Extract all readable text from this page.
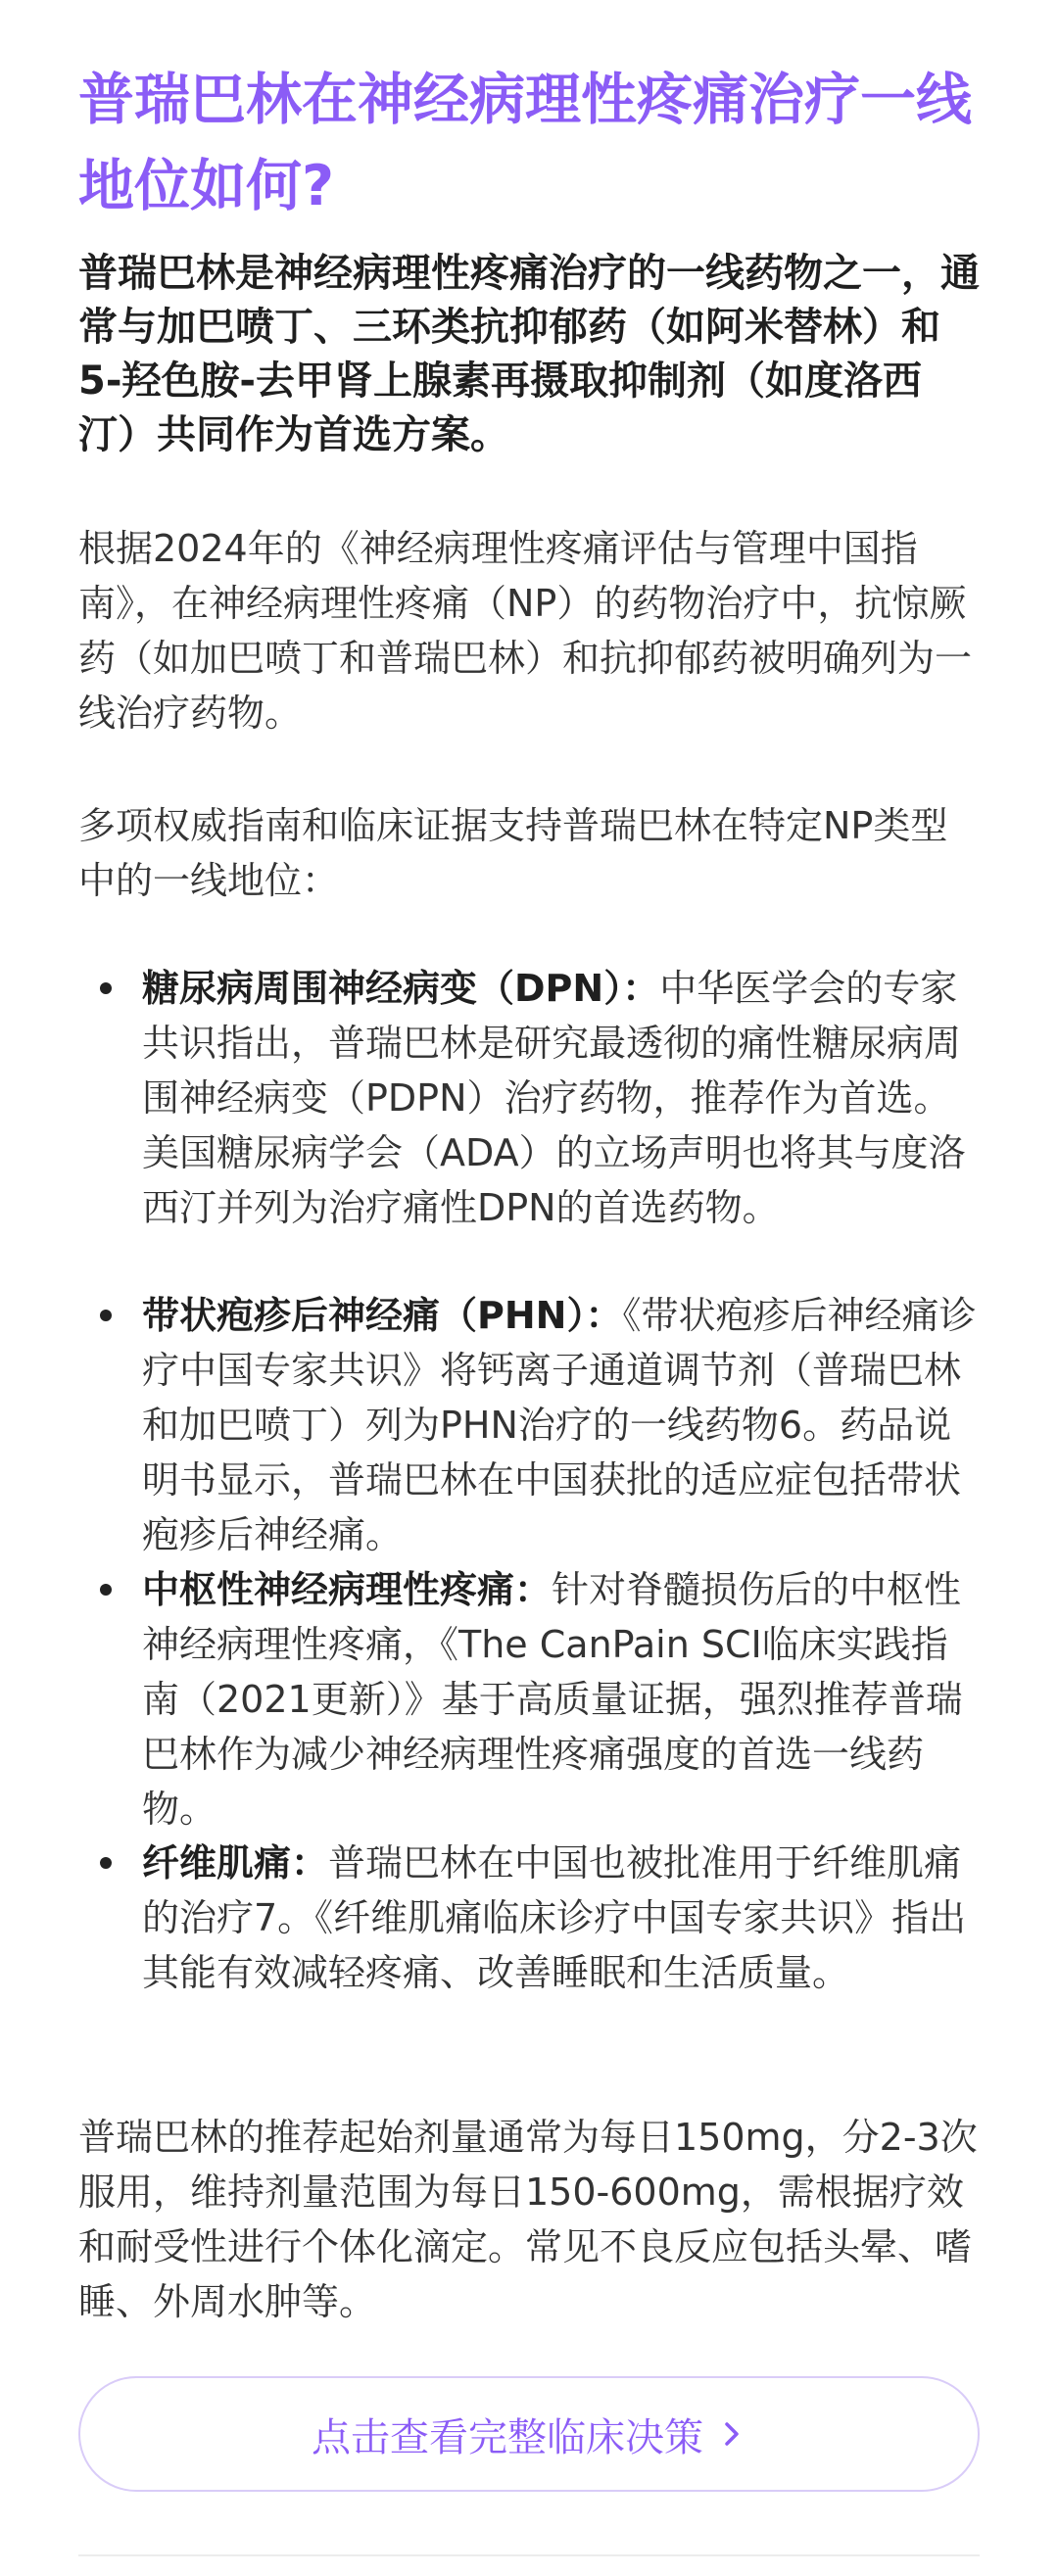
普瑞巴林在神经病理性疼痛治疗一线地位如何?

普瑞巴林是神经病理性疼痛治疗的一线药物之一，通常与加巴喷丁、三环类抗抑郁药（如阿米替林）和5-羟色胺-去甲肾上腺素再摄取抑制剂（如度洛西汀）共同作为首选方案。

根据2024年的《神经病理性疼痛评估与管理中国指南》，在神经病理性疼痛（NP）的药物治疗中，抗惊厥药（如加巴喷丁和普瑞巴林）和抗抑郁药被明确列为一线治疗药物。

多项权威指南和临床证据支持普瑞巴林在特定NP类型中的一线地位：

糖尿病周围神经病变（DPN）：中华医学会的专家共识指出，普瑞巴林是研究最透彻的痛性糖尿病周围神经病变（PDPN）治疗药物，推荐作为首选。美国糖尿病学会（ADA）的立场声明也将其与度洛西汀并列为治疗痛性DPN的首选药物。
带状疱疹后神经痛（PHN）：《带状疱疹后神经痛诊疗中国专家共识》将钙离子通道调节剂（普瑞巴林和加巴喷丁）列为PHN治疗的一线药物6。药品说明书显示，普瑞巴林在中国获批的适应症包括带状疱疹后神经痛。
中枢性神经病理性疼痛：针对脊髓损伤后的中枢性神经病理性疼痛，《The CanPain SCI临床实践指南（2021更新）》基于高质量证据，强烈推荐普瑞巴林作为减少神经病理性疼痛强度的首选一线药物。
纤维肌痛：普瑞巴林在中国也被批准用于纤维肌痛的治疗7。《纤维肌痛临床诊疗中国专家共识》指出其能有效减轻疼痛、改善睡眠和生活质量。

普瑞巴林的推荐起始剂量通常为每日150mg，分2-3次服用，维持剂量范围为每日150-600mg，需根据疗效和耐受性进行个体化滴定。常见不良反应包括头晕、嗜睡、外周水肿等。

点击查看完整临床决策
